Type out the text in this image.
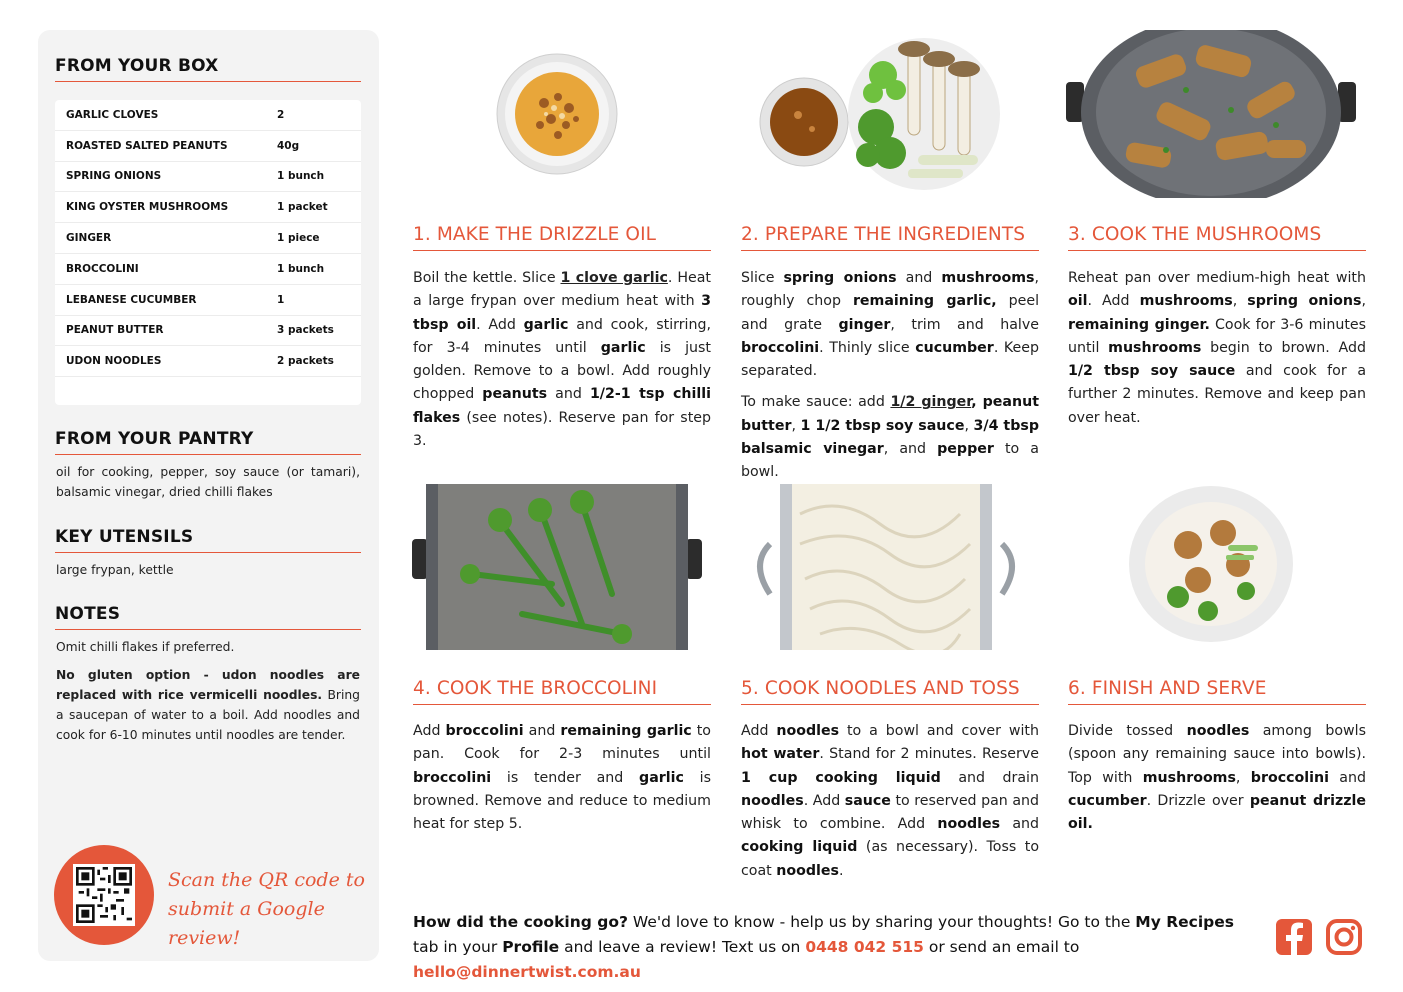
FROM YOUR BOX
GARLIC CLOVES	2
ROASTED SALTED PEANUTS	40g
SPRING ONIONS	1 bunch
KING OYSTER MUSHROOMS	1 packet
GINGER	1 piece
BROCCOLINI	1 bunch
LEBANESE CUCUMBER	1
PEANUT BUTTER	3 packets
UDON NOODLES	2 packets
FROM YOUR PANTRY

oil for cooking, pepper, soy sauce (or tamari), balsamic vinegar, dried chilli flakes

KEY UTENSILS

large frypan, kettle

NOTES

Omit chilli flakes if preferred.

No gluten option - udon noodles are replaced with rice vermicelli noodles. Bring a saucepan of water to a boil. Add noodles and cook for 6-10 minutes until noodles are tender.

Scan the QR code to submit a Google review!
1. MAKE THE DRIZZLE OIL	2. PREPARE THE INGREDIENTS	3. COOK THE MUSHROOMS
4. COOK THE BROCCOLINI	5. COOK NOODLES AND TOSS	6. FINISH AND SERVE

Boil the kettle. Slice 1 clove garlic. Heat a large frypan over medium heat with 3 tbsp oil. Add garlic and cook, stirring, for 3-4 minutes until garlic is just golden. Remove to a bowl. Add roughly chopped peanuts and 1/2-1 tsp chilli flakes (see notes). Reserve pan for step 3.

Slice spring onions and mushrooms, roughly chop remaining garlic, peel and grate ginger, trim and halve broccolini. Thinly slice cucumber. Keep separated.

To make sauce: add 1/2 ginger, peanut butter, 1 1/2 tbsp soy sauce, 3/4 tbsp balsamic vinegar, and pepper to a bowl.

Reheat pan over medium-high heat with oil. Add mushrooms, spring onions, remaining ginger. Cook for 3-6 minutes until mushrooms begin to brown. Add 1/2 tbsp soy sauce and cook for a further 2 minutes. Remove and keep pan over heat.

Add broccolini and remaining garlic to pan. Cook for 2-3 minutes until broccolini is tender and garlic is browned. Remove and reduce to medium heat for step 5.

Add noodles to a bowl and cover with hot water. Stand for 2 minutes. Reserve 1 cup cooking liquid and drain noodles. Add sauce to reserved pan and whisk to combine. Add noodles and cooking liquid (as necessary). Toss to coat noodles.

Divide tossed noodles among bowls (spoon any remaining sauce into bowls). Top with mushrooms, broccolini and cucumber. Drizzle over peanut drizzle oil.

How did the cooking go? We'd love to know - help us by sharing your thoughts! Go to the My Recipes tab in your Profile and leave a review! Text us on 0448 042 515 or send an email to hello@dinnertwist.com.au
